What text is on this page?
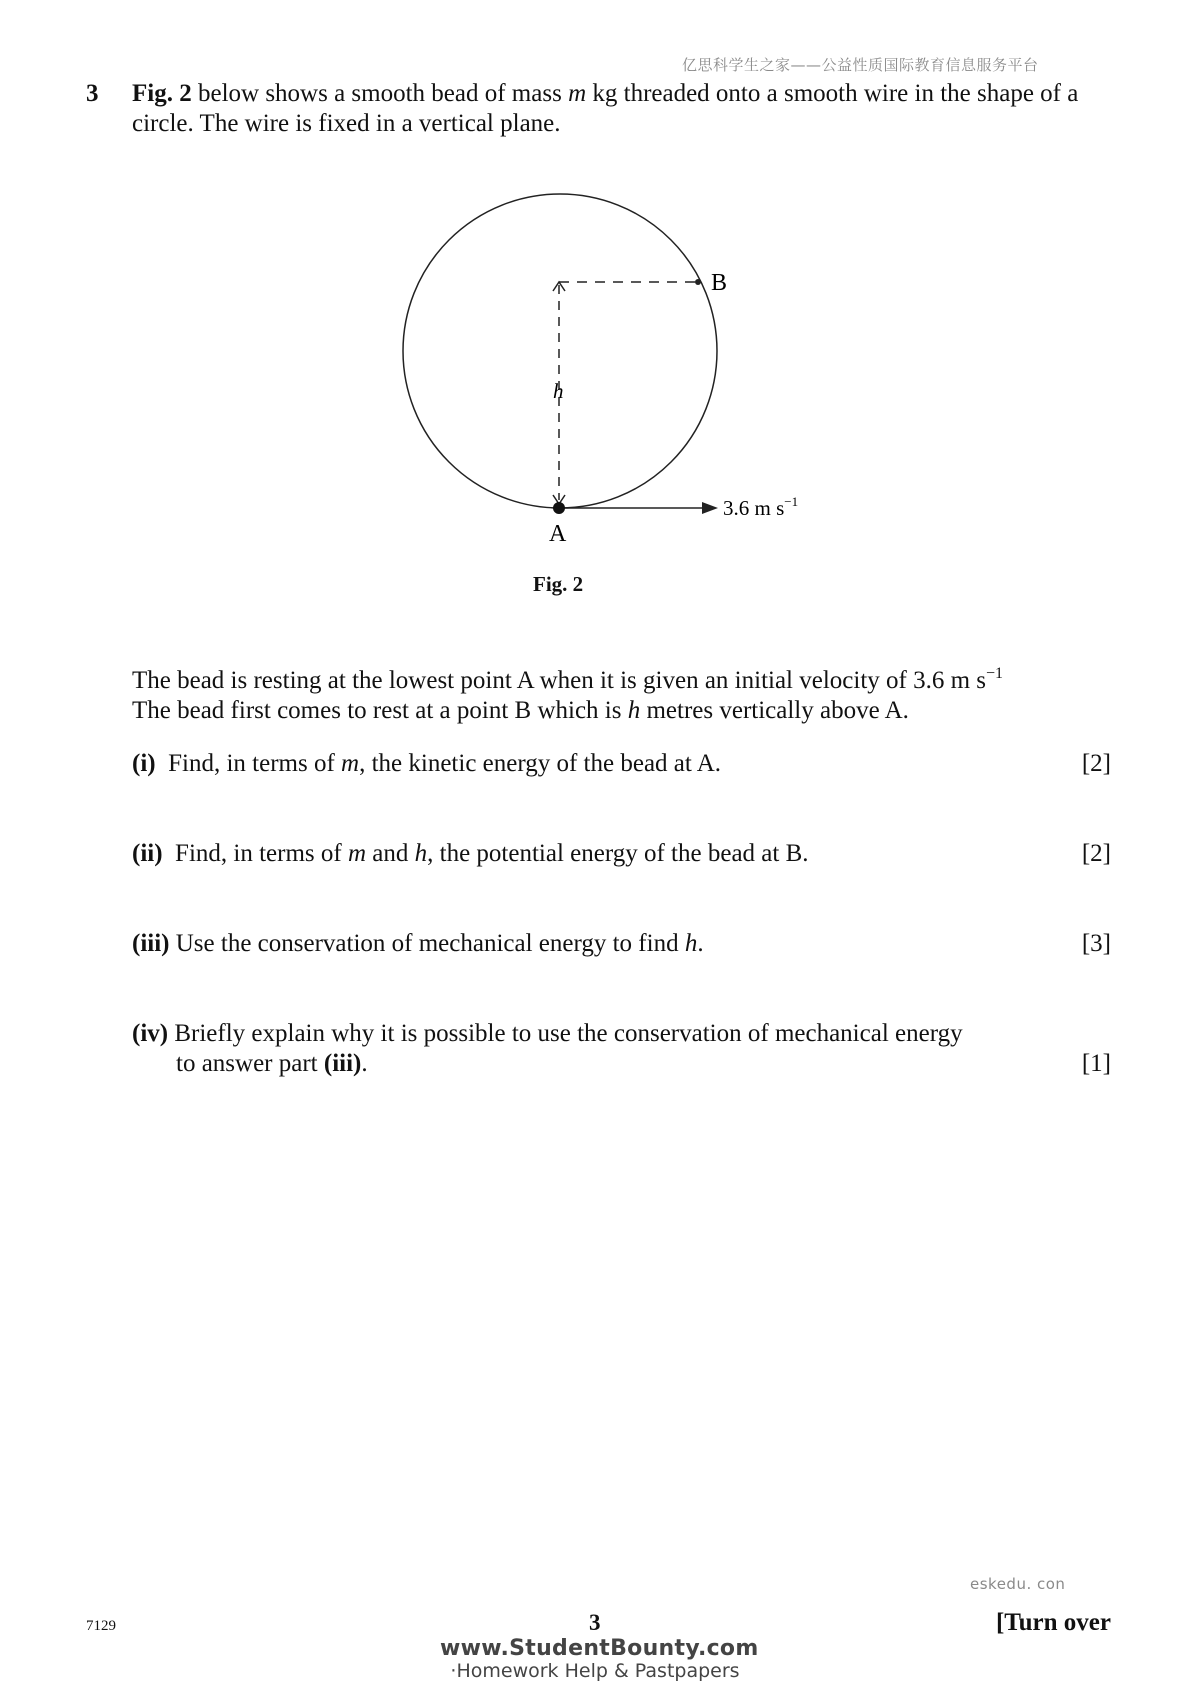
亿思科学生之家——公益性质国际教育信息服务平台
3 Fig. 2 below shows a smooth bead of mass m kg threaded onto a smooth wire in the shape of a circle. The wire is fixed in a vertical plane.
B
A
h
3.6 m $s^{-1}$
Fig. 2
The bead is resting at the lowest point A when it is given an initial velocity of 3.6 m $s^{-1}$
The bead first comes to rest at a point B which is h metres vertically above A.
(i) Find, in terms of m, the kinetic energy of the bead at A.	[2]
(ii) Find, in terms of m and h, the potential energy of the bead at B.	[2]
(iii) Use the conservation of mechanical energy to find h.	[3]
(iv) Briefly explain why it is possible to use the conservation of mechanical energy
to answer part (iii).	[1]
eskedu. con
7129	3	[Turn over
www.StudentBounty.com
·Homework Help & Pastpapers
